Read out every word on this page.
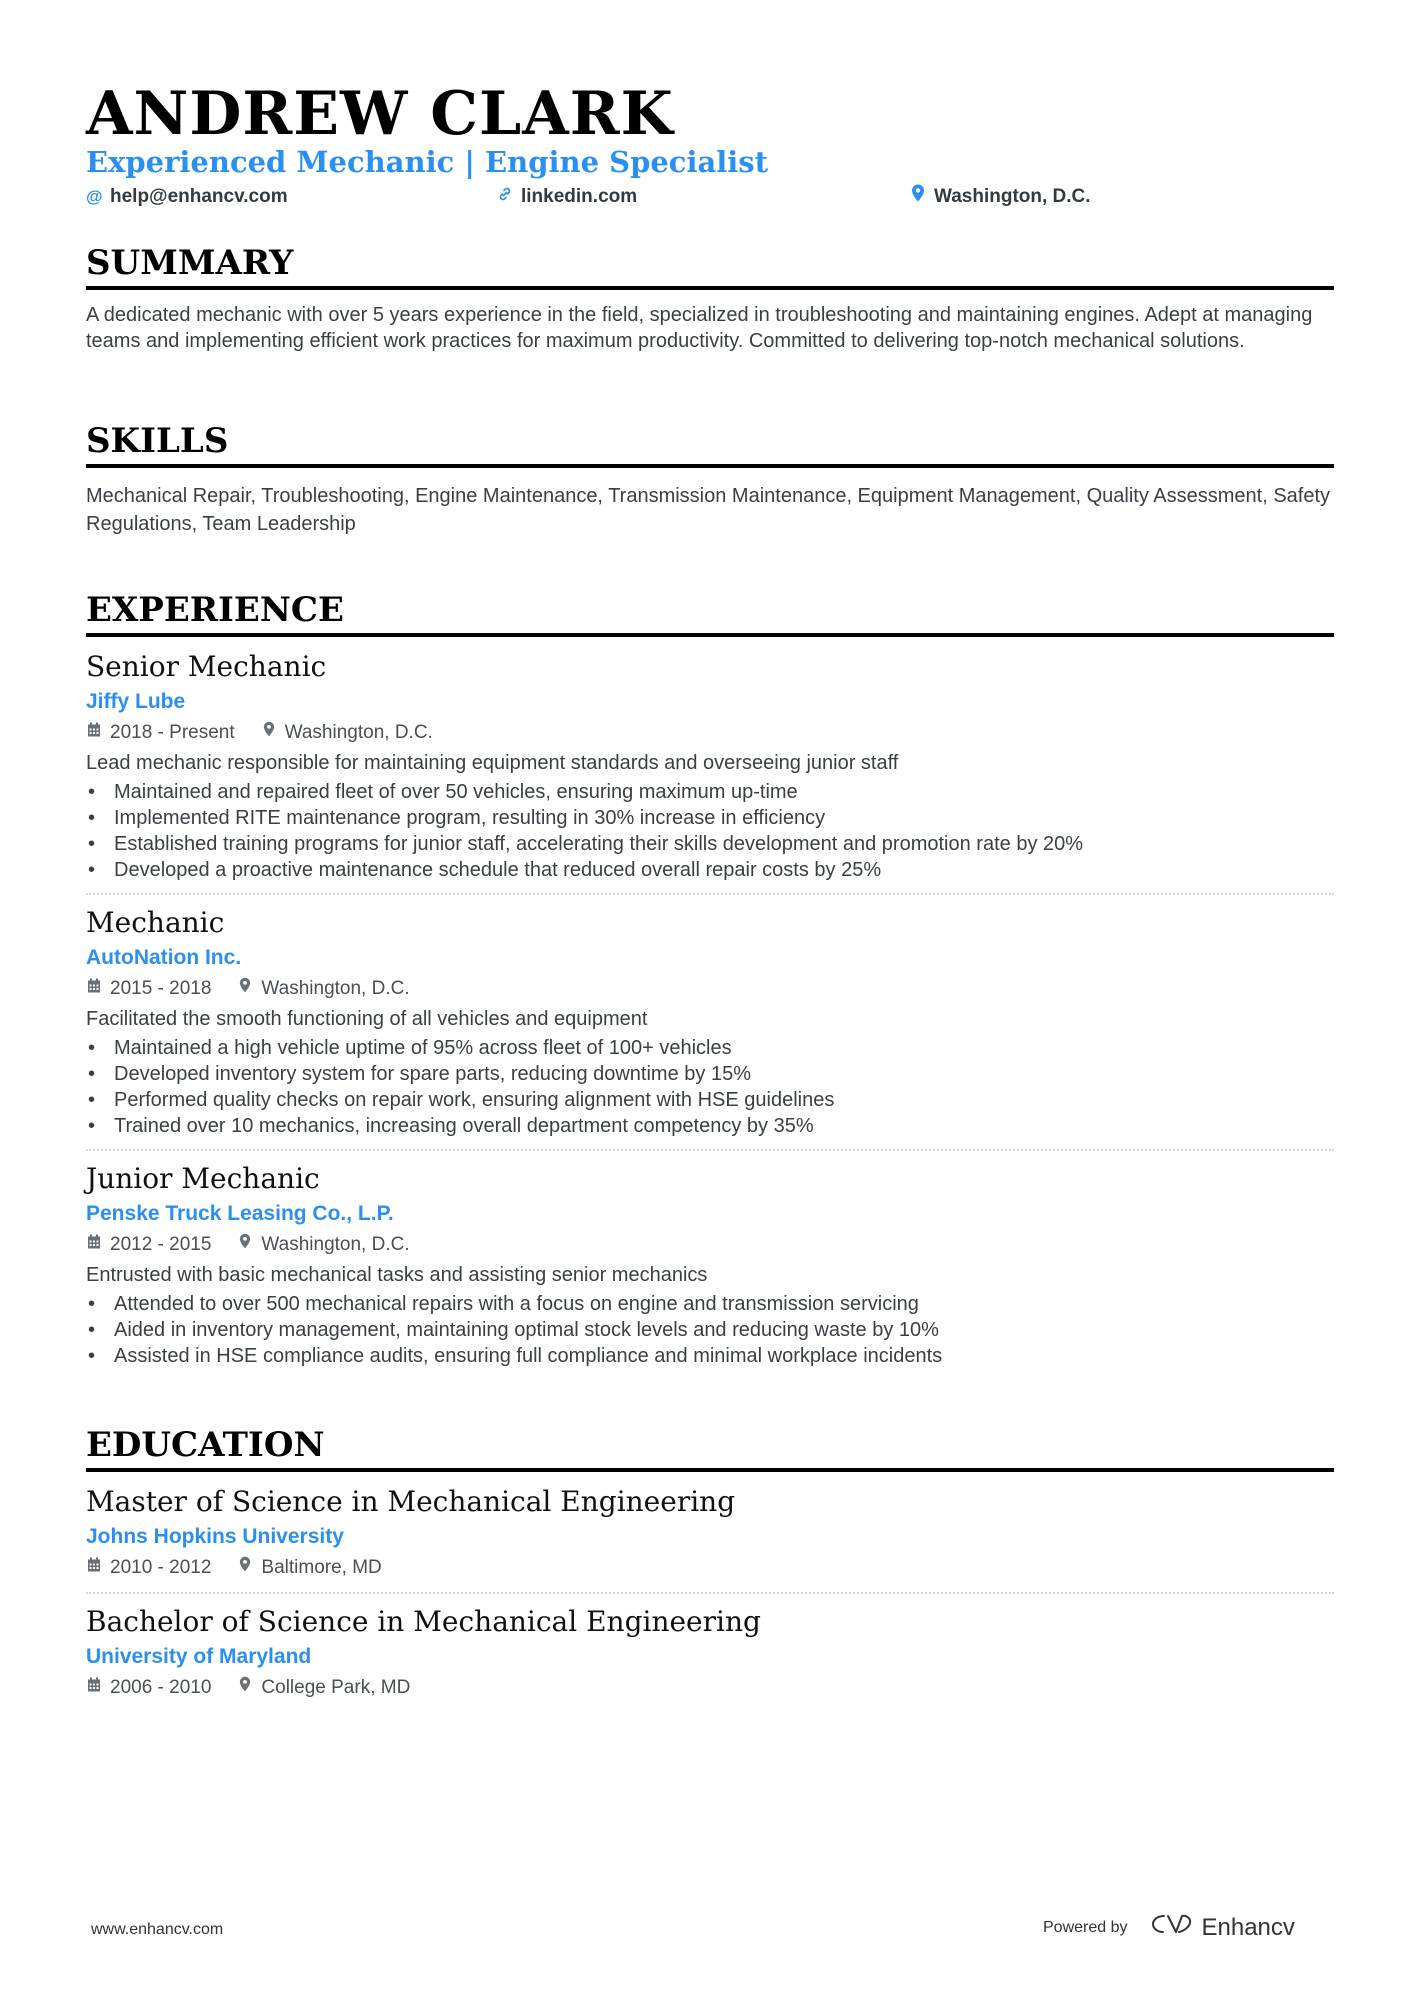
ANDREW CLARK
Experienced Mechanic | Engine Specialist
@ help@enhancv.com	linkedin.com	Washington, D.C.
SUMMARY
A dedicated mechanic with over 5 years experience in the field, specialized in troubleshooting and maintaining engines. Adept at managing teams and implementing efficient work practices for maximum productivity. Committed to delivering top-notch mechanical solutions.
SKILLS
Mechanical Repair, Troubleshooting, Engine Maintenance, Transmission Maintenance, Equipment Management, Quality Assessment, Safety Regulations, Team Leadership
EXPERIENCE
Senior Mechanic
Jiffy Lube
2018 - Present	Washington, D.C.
Lead mechanic responsible for maintaining equipment standards and overseeing junior staff
• Maintained and repaired fleet of over 50 vehicles, ensuring maximum up-time
• Implemented RITE maintenance program, resulting in 30% increase in efficiency
• Established training programs for junior staff, accelerating their skills development and promotion rate by 20%
• Developed a proactive maintenance schedule that reduced overall repair costs by 25%
Mechanic
AutoNation Inc.
2015 - 2018	Washington, D.C.
Facilitated the smooth functioning of all vehicles and equipment
• Maintained a high vehicle uptime of 95% across fleet of 100+ vehicles
• Developed inventory system for spare parts, reducing downtime by 15%
• Performed quality checks on repair work, ensuring alignment with HSE guidelines
• Trained over 10 mechanics, increasing overall department competency by 35%
Junior Mechanic
Penske Truck Leasing Co., L.P.
2012 - 2015	Washington, D.C.
Entrusted with basic mechanical tasks and assisting senior mechanics
• Attended to over 500 mechanical repairs with a focus on engine and transmission servicing
• Aided in inventory management, maintaining optimal stock levels and reducing waste by 10%
• Assisted in HSE compliance audits, ensuring full compliance and minimal workplace incidents
EDUCATION
Master of Science in Mechanical Engineering
Johns Hopkins University
2010 - 2012	Baltimore, MD
Bachelor of Science in Mechanical Engineering
University of Maryland
2006 - 2010	College Park, MD
www.enhancv.com	Powered by	Enhancv
